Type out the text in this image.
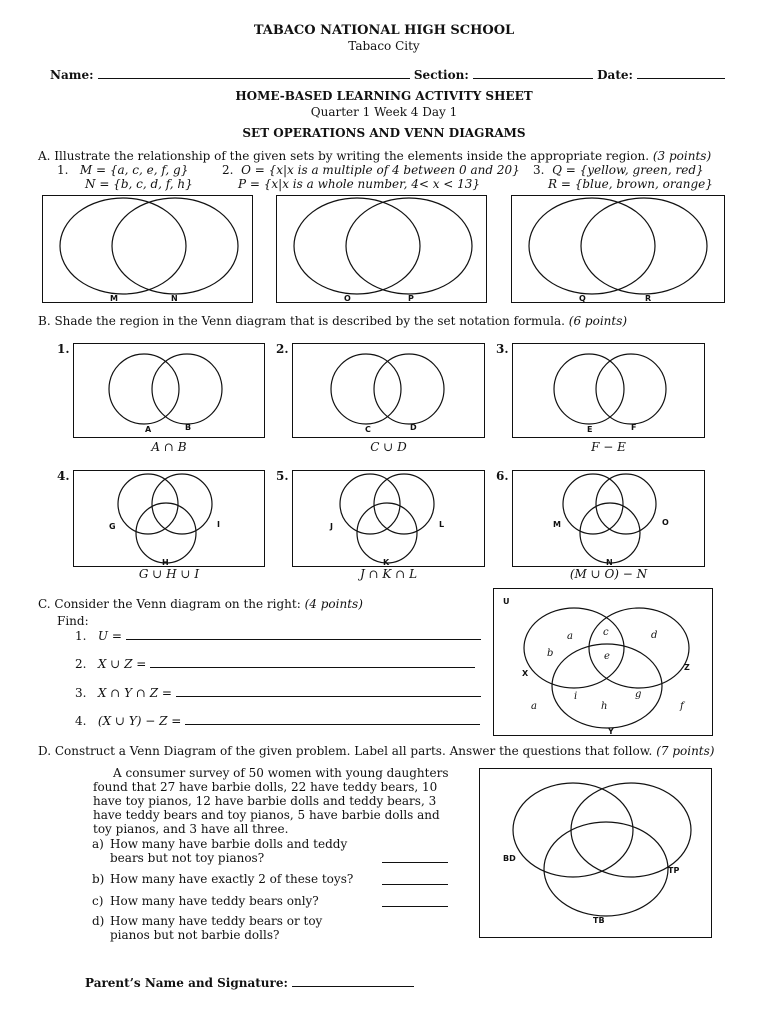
TABACO NATIONAL HIGH SCHOOL
Tabaco City
Name:	Section:	Date:
HOME-BASED LEARNING ACTIVITY SHEET
Quarter 1 Week 4 Day 1
SET OPERATIONS AND VENN DIAGRAMS
A. Illustrate the relationship of the given sets by writing the elements inside the appropriate region. (3 points)
1. M = {a, c, e, f, g}
N = {b, c, d, f, h}
2. O = {x|x is a multiple of 4 between 0 and 20}
P = {x|x is a whole number, 4< x < 13}
3. Q = {yellow, green, red}
R = {blue, brown, orange}
M	N	O	P	Q	R
B. Shade the region in the Venn diagram that is described by the set notation formula. (6 points)
1.
A	B
A ∩ B
2.
C	D
C ∪ D
3.
E	F
F − E
4.
G
H
I
G ∪ H ∪ I
5.
J
K
L
J ∩ K ∩ L
6.
M
N
O
(M ∪ O) − N
C. Consider the Venn diagram on the right: (4 points)
Find:
1. U =
2. X ∪ Z =
3. X ∩ Y ∩ Z =
4. (X ∪ Y) − Z =
U
X
Z
Y
a
b
c	d
e
i	g
h
a	f
D. Construct a Venn Diagram of the given problem. Label all parts. Answer the questions that follow. (7 points)
A consumer survey of 50 women with young daughters found that 27 have barbie dolls, 22 have teddy bears, 10 have toy pianos, 12 have barbie dolls and teddy bears, 3 have teddy bears and toy pianos, 5 have barbie dolls and toy pianos, and 3 have all three.
a) How many have barbie dolls and teddy bears but not toy pianos?
b) How many have exactly 2 of these toys?
c) How many have teddy bears only?
d) How many have teddy bears or toy pianos but not barbie dolls?
BD
TP
TB
Parent’s Name and Signature:
